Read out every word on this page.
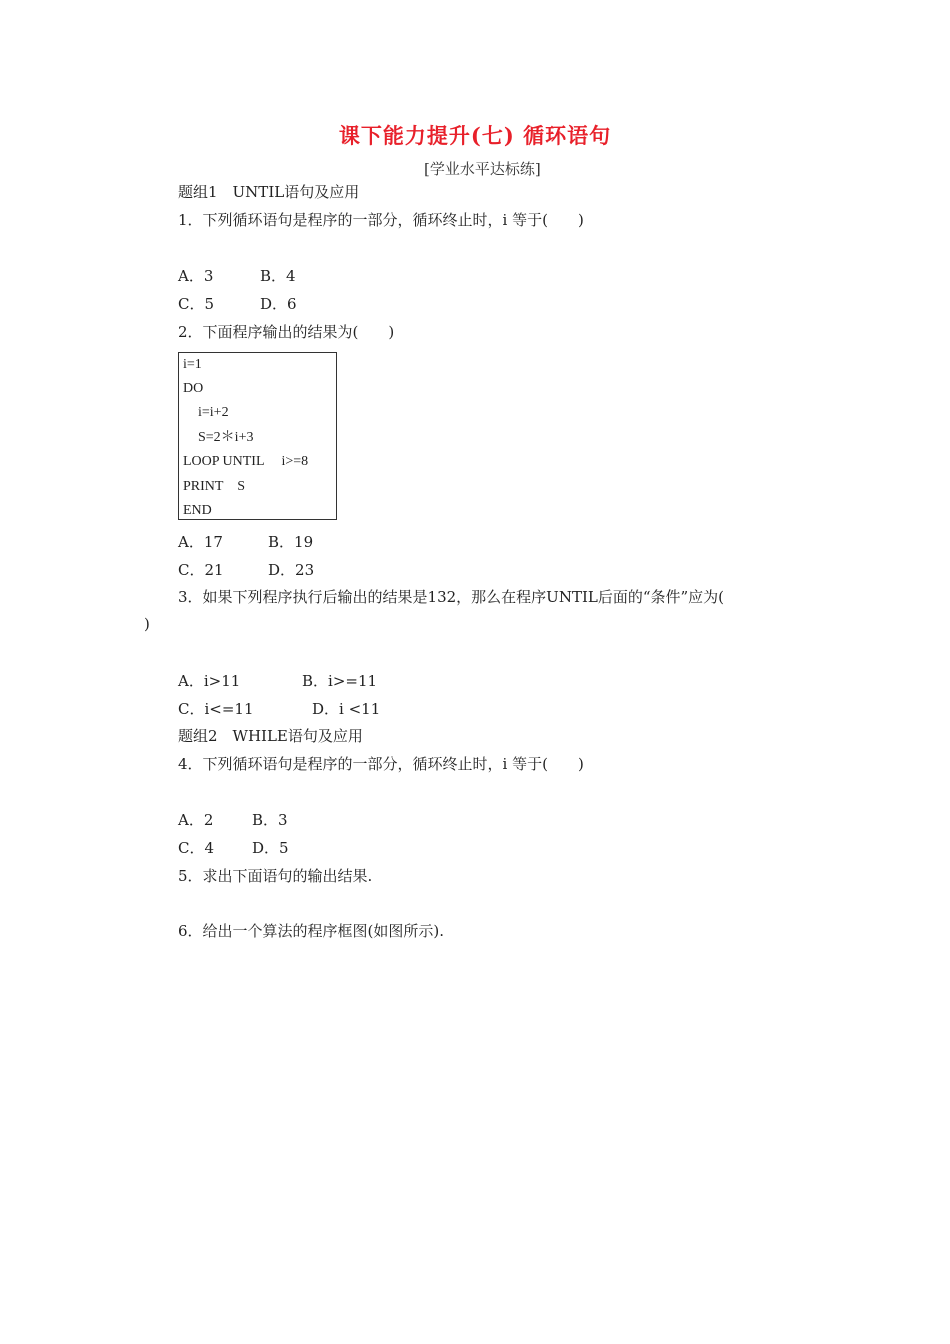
课下能力提升(七) 循环语句
[学业水平达标练]
题组1　UNTIL语句及应用
1．下列循环语句是程序的一部分，循环终止时，i 等于(　　)
A．3	B．4
C．5	D．6
2．下面程序输出的结果为(　　)
i=1
DO
i=i+2
S=2＊i+3
LOOP UNTIL　 i>=8
PRINT　S
END
A．17	B．19
C．21	D．23
3．如果下列程序执行后输出的结果是132，那么在程序UNTIL后面的“条件”应为(
)
A．i>11	B．i>=11
C．i<=11	D．i <11
题组2　WHILE语句及应用
4．下列循环语句是程序的一部分，循环终止时，i 等于(　　)
A．2	B．3
C．4	D．5
5．求出下面语句的输出结果.
6．给出一个算法的程序框图(如图所示).
